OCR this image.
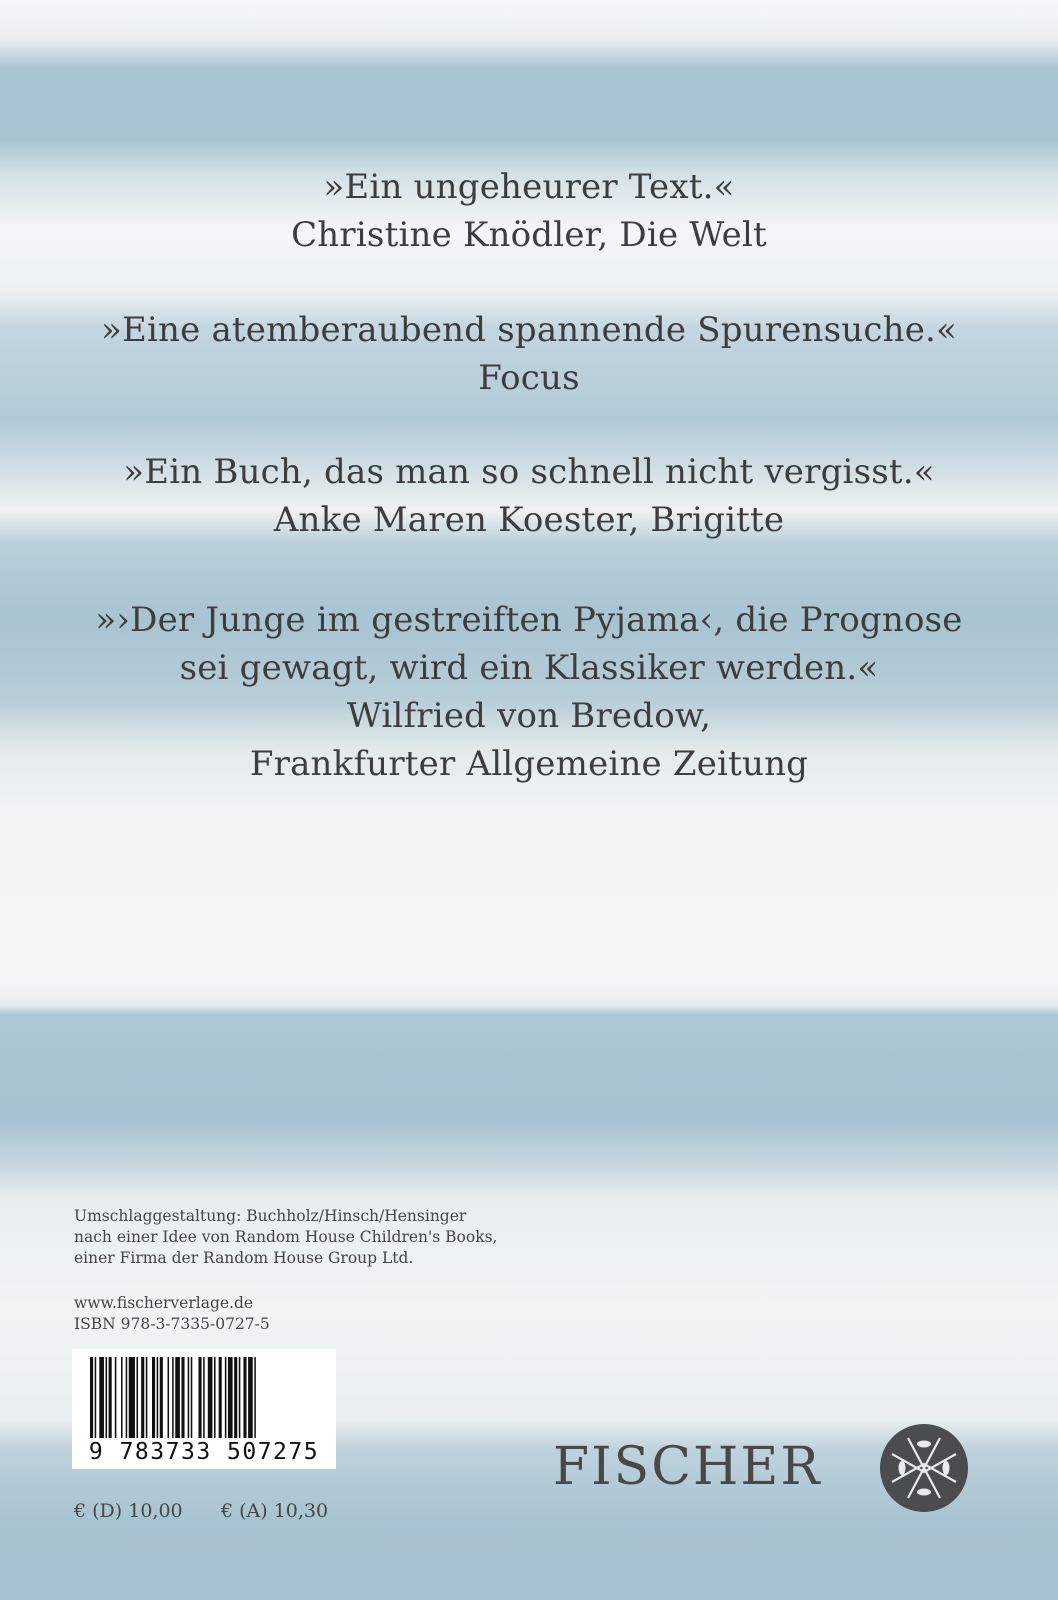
»Ein ungeheurer Text.«
Christine Knödler, Die Welt
»Eine atemberaubend spannende Spurensuche.«
Focus
»Ein Buch, das man so schnell nicht vergisst.«
Anke Maren Koester, Brigitte
»›Der Junge im gestreiften Pyjama‹, die Prognose
sei gewagt, wird ein Klassiker werden.«
Wilfried von Bredow,
Frankfurter Allgemeine Zeitung
Umschlaggestaltung: Buchholz/Hinsch/Hensinger
nach einer Idee von Random House Children's Books,
einer Firma der Random House Group Ltd.
www.fischerverlage.de
ISBN 978-3-7335-0727-5
9 783733 507275
€ (D) 10,00 € (A) 10,30
FISCHER
